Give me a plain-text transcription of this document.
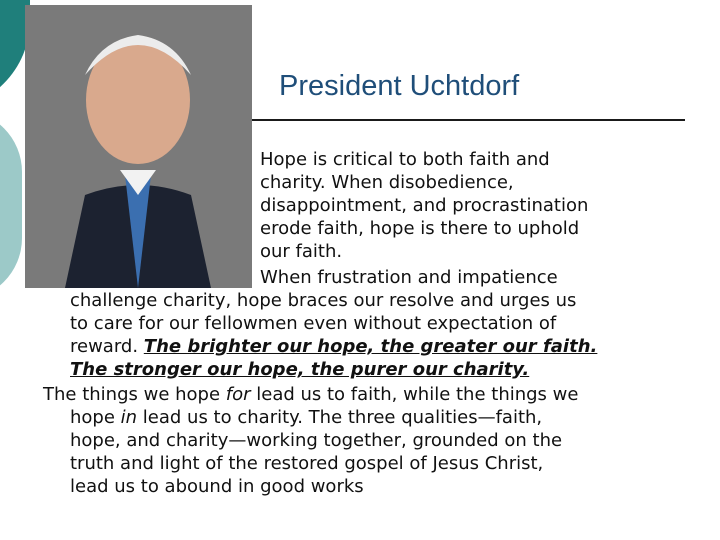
President Uchtdorf
Hope is critical to both faith and
charity. When disobedience,
disappointment, and procrastination
erode faith, hope is there to uphold
our faith.
When frustration and impatience
challenge charity, hope braces our resolve and urges us
to care for our fellowmen even without expectation of
reward. The brighter our hope, the greater our faith.
The stronger our hope, the purer our charity.
The things we hope for lead us to faith, while the things we
hope in lead us to charity. The three qualities—faith,
hope, and charity—working together, grounded on the
truth and light of the restored gospel of Jesus Christ,
lead us to abound in good works
